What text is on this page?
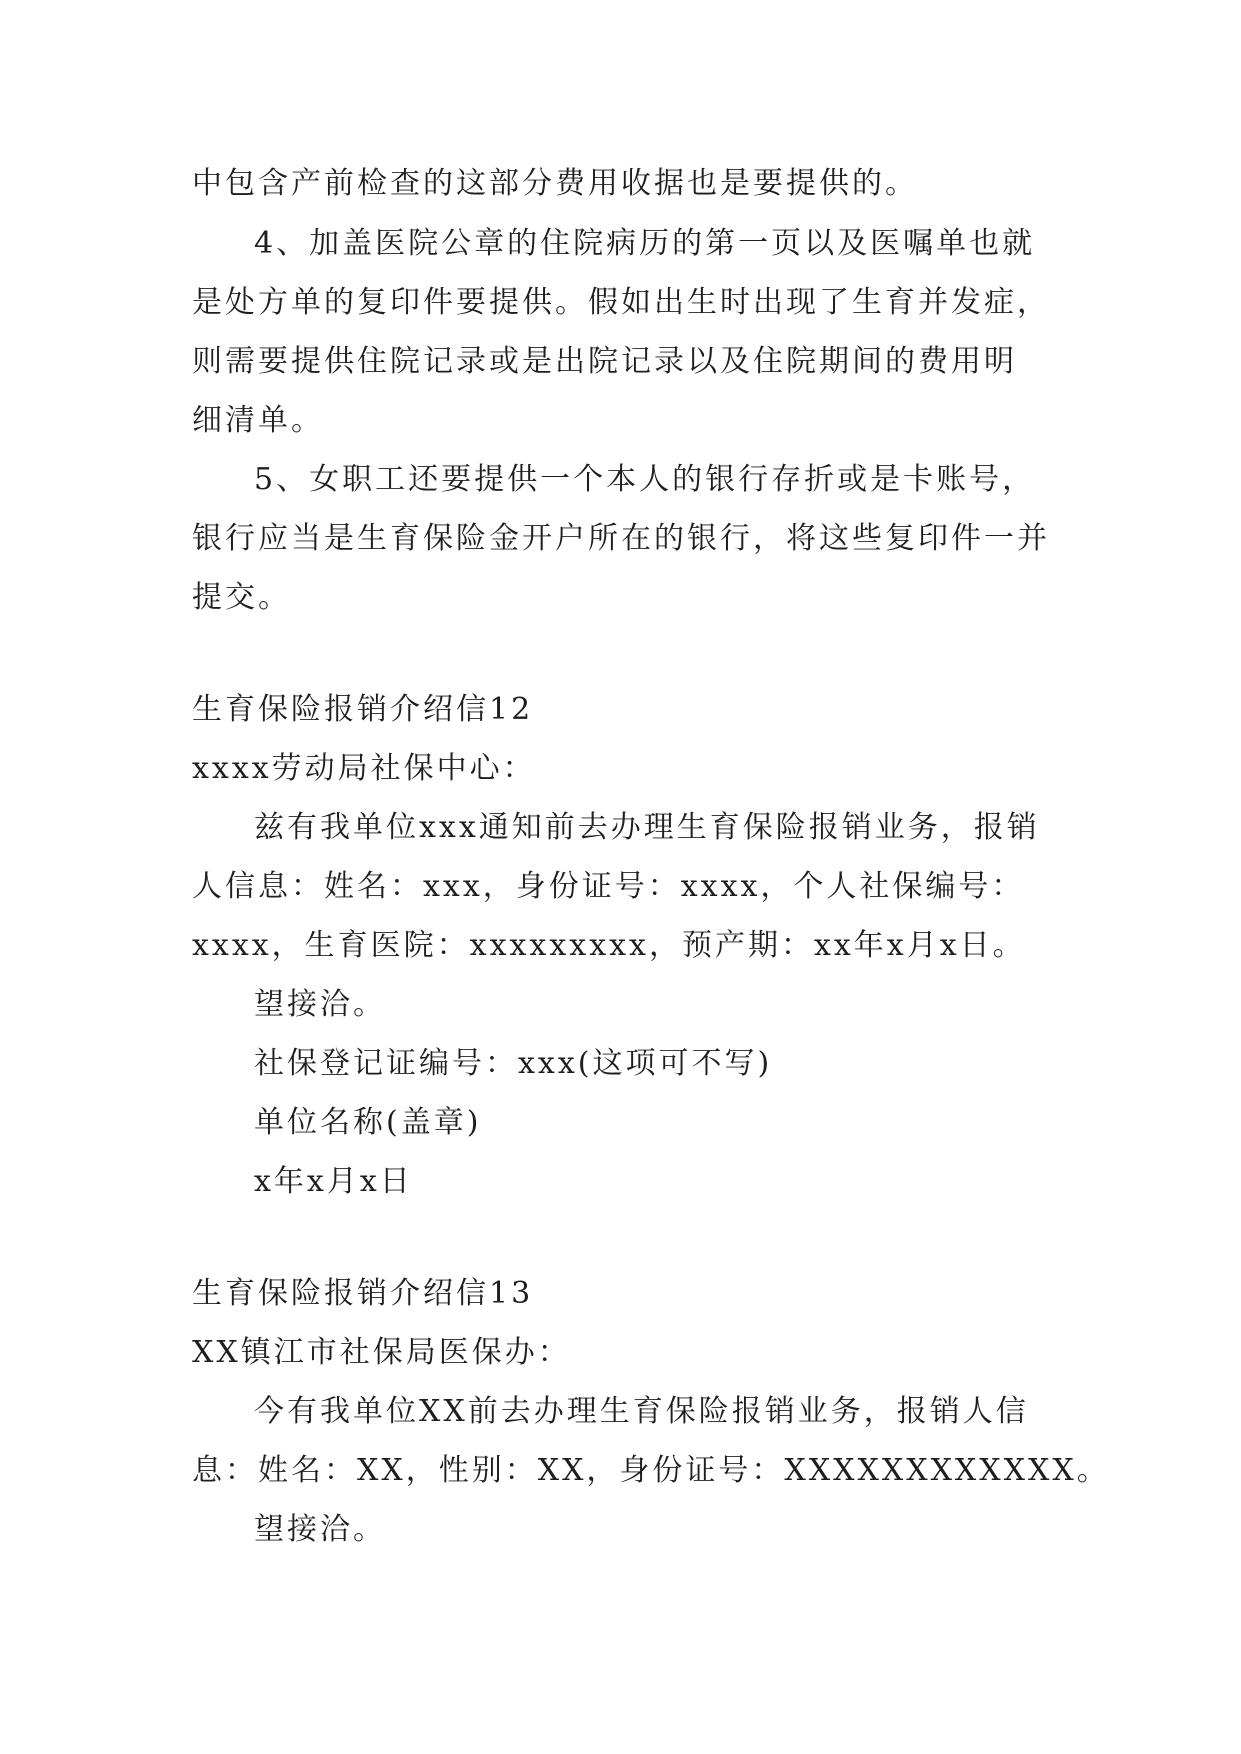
中包含产前检查的这部分费用收据也是要提供的。

4、加盖医院公章的住院病历的第一页以及医嘱单也就

是处方单的复印件要提供。假如出生时出现了生育并发症，

则需要提供住院记录或是出院记录以及住院期间的费用明

细清单。

5、女职工还要提供一个本人的银行存折或是卡账号，

银行应当是生育保险金开户所在的银行，将这些复印件一并

提交。

生育保险报销介绍信12

xxxx劳动局社保中心：

兹有我单位xxx通知前去办理生育保险报销业务，报销

人信息：姓名：xxx，身份证号：xxxx，个人社保编号：

xxxx，生育医院：xxxxxxxxx，预产期：xx年x月x日。

望接洽。

社保登记证编号：xxx(这项可不写)

单位名称(盖章)

x年x月x日

生育保险报销介绍信13

XX镇江市社保局医保办：

今有我单位XX前去办理生育保险报销业务，报销人信

息：姓名：XX，性别：XX，身份证号：XXXXXXXXXXXX。

望接洽。
